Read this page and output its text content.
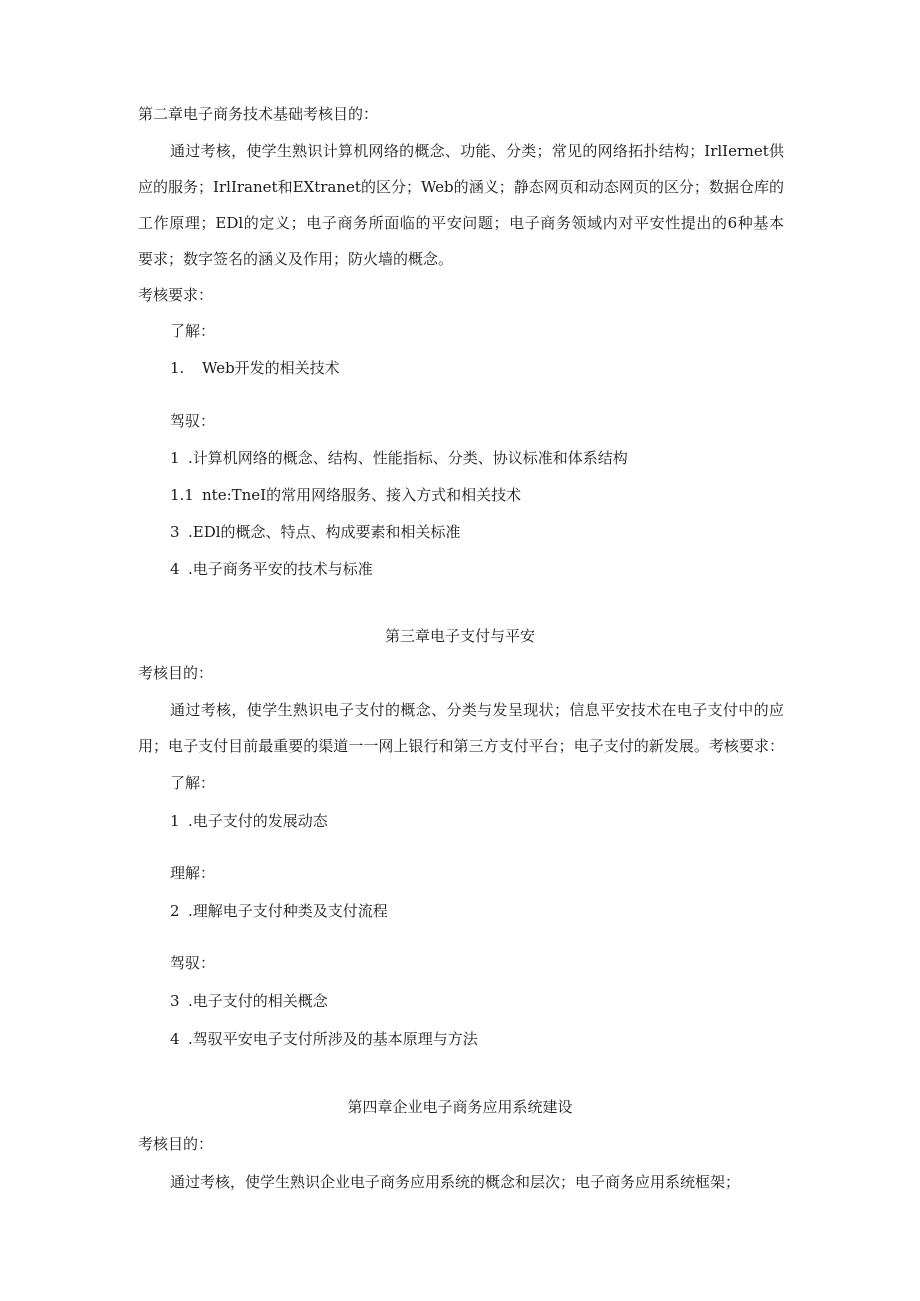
第二章电子商务技术基础考核目的：
通过考核，使学生熟识计算机网络的概念、功能、分类；常见的网络拓扑结构；IrlIernet供
应的服务；IrlIranet和EXtranet的区分；Web的涵义；静态网页和动态网页的区分；数据仓库的
工作原理；EDl的定义；电子商务所面临的平安问题；电子商务领域内对平安性提出的6种基本
要求；数字签名的涵义及作用；防火墙的概念。
考核要求：
了解：
1. Web开发的相关技术
驾驭：
1 .计算机网络的概念、结构、性能指标、分类、协议标准和体系结构
1.1 nte:TneI的常用网络服务、接入方式和相关技术
3 .EDl的概念、特点、构成要素和相关标准
4 .电子商务平安的技术与标准
第三章电子支付与平安
考核目的：
通过考核，使学生熟识电子支付的概念、分类与发呈现状；信息平安技术在电子支付中的应
用；电子支付目前最重要的渠道一一网上银行和第三方支付平台；电子支付的新发展。考核要求：
了解：
1 .电子支付的发展动态
理解：
2 .理解电子支付种类及支付流程
驾驭：
3 .电子支付的相关概念
4 .驾驭平安电子支付所涉及的基本原理与方法
第四章企业电子商务应用系统建设
考核目的：
通过考核，使学生熟识企业电子商务应用系统的概念和层次；电子商务应用系统框架；
